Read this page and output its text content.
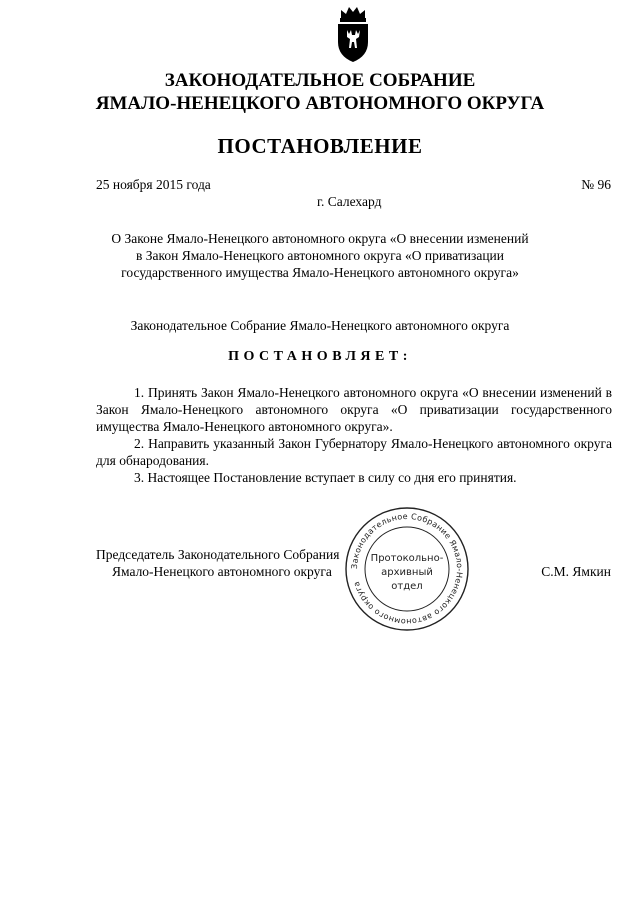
ЗАКОНОДАТЕЛЬНОЕ СОБРАНИЕ
ЯМАЛО-НЕНЕЦКОГО АВТОНОМНОГО ОКРУГА
ПОСТАНОВЛЕНИЕ
25 ноября 2015 года	№ 96
г. Салехард
О Законе Ямало-Ненецкого автономного округа «О внесении изменений
в Закон Ямало-Ненецкого автономного округа «О приватизации
государственного имущества Ямало-Ненецкого автономного округа»
Законодательное Собрание Ямало-Ненецкого автономного округа
ПОСТАНОВЛЯЕТ:

1. Принять Закон Ямало-Ненецкого автономного округа «О внесении изменений в Закон Ямало-Ненецкого автономного округа «О приватизации государственного имущества Ямало-Ненецкого автономного округа».

2. Направить указанный Закон Губернатору Ямало-Ненецкого автономного округа для обнародования.

3. Настоящее Постановление вступает в силу со дня его принятия.

Председатель Законодательного Собрания
Ямало-Ненецкого автономного округа	С.М. Ямкин
Законодательное Собрание Ямало-Ненецкого автономного округа
Протокольно-
архивный
отдел
